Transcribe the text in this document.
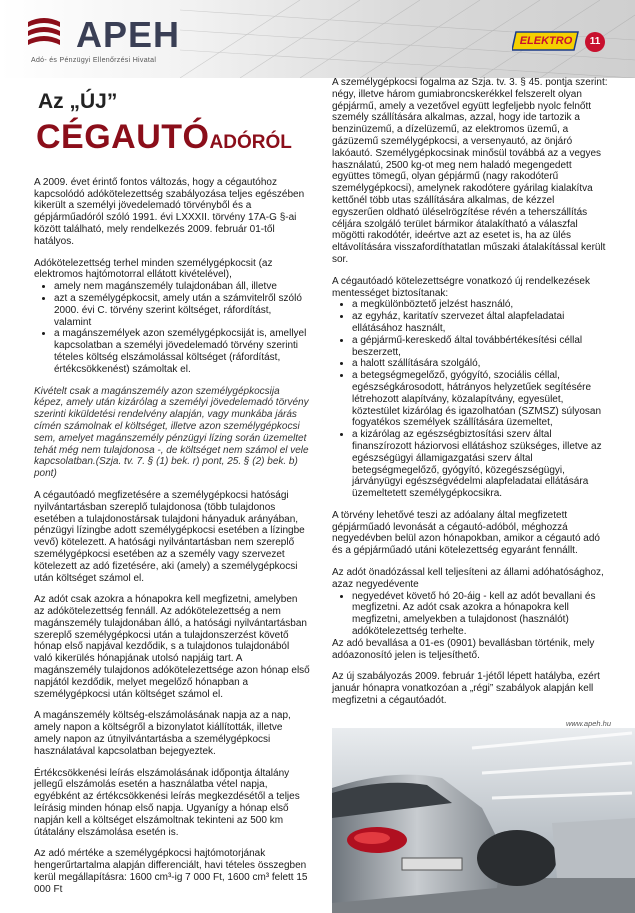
APEH
Adó- és Pénzügyi Ellenőrzési Hivatal
ELEKTRO	11
Az „ÚJ”
CÉGAUTÓADÓRÓL

A 2009. évet érintő fontos változás, hogy a cégautóhoz kapcsolódó adókötelezettség szabályozása teljes egészében kikerült a személyi jövedelemadó törvényből és a gépjárműadóról szóló 1991. évi LXXXII. törvény 17A-G §-ai között található, mely rendelkezés 2009. február 01-től hatályos.

Adókötelezettség terhel minden személygépkocsit (az elektromos hajtómotorral ellátott kivételével),

• amely nem magánszemély tulajdonában áll, illetve
• azt a személygépkocsit, amely után a számvitelről szóló 2000. évi C. törvény szerint költséget, ráfordítást, valamint
• a magánszemélyek azon személygépkocsiját is, amellyel kapcsolatban a személyi jövedelemadó törvény szerinti tételes költség elszámolással költséget (ráfordítást, értékcsökkenést) számoltak el.

Kivételt csak a magánszemély azon személygépkocsija képez, amely után kizárólag a személyi jövedelemadó törvény szerinti kiküldetési rendelvény alapján, vagy munkába járás címén számolnak el költséget, illetve azon személygépkocsi sem, amelyet magánszemély pénzügyi lízing során üzemeltet tehát még nem tulajdonosa -, de költséget nem számol el vele kapcsolatban.(Szja. tv. 7. § (1) bek. r) pont, 25. § (2) bek. b) pont)

A cégautóadó megfizetésére a személygépkocsi hatósági nyilvántartásban szereplő tulajdonosa (több tulajdonos esetében a tulajdonostársak tulajdoni hányaduk arányában, pénzügyi lízingbe adott személygépkocsi esetében a lízingbe vevő) kötelezett. A hatósági nyilvántartásban nem szereplő személygépkocsi esetében az a személy vagy szervezet kötelezett az adó fizetésére, aki (amely) a személygépkocsi után költséget számol el.

Az adót csak azokra a hónapokra kell megfizetni, amelyben az adókötelezettség fennáll. Az adókötelezettség a nem magánszemély tulajdonában álló, a hatósági nyilvántartásban szereplő személygépkocsi után a tulajdonszerzést követő hónap első napjával kezdődik, s a tulajdonos tulajdonából való kikerülés hónapjának utolsó napjáig tart. A magánszemély tulajdonos adókötelezettsége azon hónap első napjától kezdődik, melyet megelőző hónapban a személygépkocsi után költséget számol el.

A magánszemély költség-elszámolásának napja az a nap, amely napon a költségről a bizonylatot kiállították, illetve amely napon az útnyilvántartásba a személygépkocsi használatával kapcsolatban bejegyeztek.

Értékcsökkenési leírás elszámolásának időpontja általány jellegű elszámolás esetén a használatba vétel napja, egyébként az értékcsökkenési leírás megkezdésétől a teljes leírásig minden hónap első napja. Ugyanígy a hónap első napján kell a költséget elszámoltnak tekinteni az 500 km útátalány elszámolása esetén is.

Az adó mértéke a személygépkocsi hajtómotorjának hengerűrtartalma alapján differenciált, havi tételes összegben kerül megállapításra: 1600 cm³-ig 7 000 Ft, 1600 cm³ felett 15 000 Ft

A személygépkocsi fogalma az Szja. tv. 3. § 45. pontja szerint: négy, illetve három gumiabroncskerékkel felszerelt olyan gépjármű, amely a vezetővel együtt legfeljebb nyolc felnőtt személy szállítására alkalmas, azzal, hogy ide tartozik a benzinüzemű, a dízelüzemű, az elektromos üzemű, a gázüzemű személygépkocsi, a versenyautó, az önjáró lakóautó. Személygépkocsinak minősül továbbá az a vegyes használatú, 2500 kg-ot meg nem haladó megengedett együttes tömegű, olyan gépjármű (nagy rakodóterű személygépkocsi), amelynek rakodótere gyárilag kialakítva kettőnél több utas szállítására alkalmas, de kézzel egyszerűen oldható üléselrögzítése révén a teherszállítás céljára szolgáló terület bármikor átalakítható a válaszfal mögötti rakodótér, ideértve azt az esetet is, ha az ülés eltávolítására visszafordíthatatlan műszaki átalakítással került sor.

A cégautóadó kötelezettségre vonatkozó új rendelkezések mentességet biztosítanak:

• a megkülönböztető jelzést használó,
• az egyház, karitatív szervezet által alapfeladatai ellátásához használt,
• a gépjármű-kereskedő által továbbértékesítési céllal beszerzett,
• a halott szállítására szolgáló,
• a betegségmegelőző, gyógyító, szociális céllal, egészségkárosodott, hátrányos helyzetűek segítésére létrehozott alapítvány, közalapítvány, egyesület, köztestület kizárólag és igazolhatóan (SZMSZ) súlyosan fogyatékos személyek szállítására üzemeltet,
• a kizárólag az egészségbiztosítási szerv által finanszírozott háziorvosi ellátáshoz szükséges, illetve az egészségügyi államigazgatási szerv által betegségmegelőző, gyógyító, közegészségügyi, járványügyi egészségvédelmi alapfeladatai ellátására üzemeltetett személygépkocsikra.

A törvény lehetővé teszi az adóalany által megfizetett gépjárműadó levonását a cégautó-adóból, méghozzá negyedévben belül azon hónapokban, amikor a cégautó adó és a gépjárműadó utáni kötelezettség egyaránt fennállt.

Az adót önadózással kell teljesíteni az állami adóhatósághoz, azaz negyedévente

• negyedévet követő hó 20-áig - kell az adót bevallani és megfizetni. Az adót csak azokra a hónapokra kell megfizetni, amelyekben a tulajdonost (használót) adókötelezettség terhelte.

Az adó bevallása a 01-es (0901) bevallásban történik, mely adóazonosító jelen is teljesíthető.

Az új szabályozás 2009. február 1-jétől lépett hatályba, ezért január hónapra vonatkozóan a „régi” szabályok alapján kell megfizetni a cégautóadót.

www.apeh.hu
